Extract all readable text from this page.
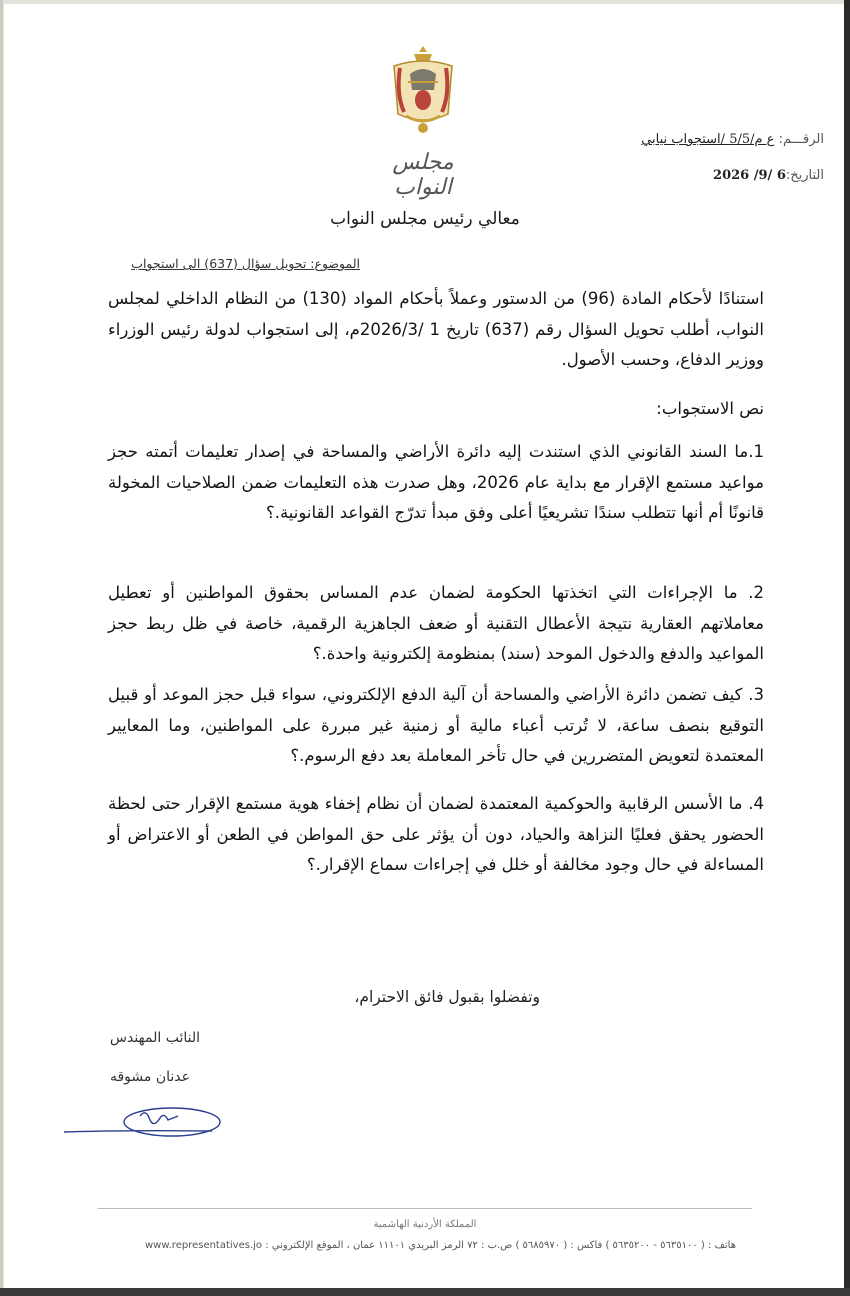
مجلس النواب
الرقـــم: ع م/5/5 /استجواب نيابي
التاريخ:6 /9/ 2026
معالي رئيس مجلس النواب
الموضوع: تحويل سؤال (637) الى استجواب
استنادًا لأحكام المادة (96) من الدستور وعملاً بأحكام المواد (130) من النظام الداخلي لمجلس النواب، أطلب تحويل السؤال رقم (637) تاريخ 1 /2026/3م، إلى استجواب لدولة رئيس الوزراء ووزير الدفاع، وحسب الأصول.
نص الاستجواب:
1.ما السند القانوني الذي استندت إليه دائرة الأراضي والمساحة في إصدار تعليمات أتمته حجز مواعيد مستمع الإقرار مع بداية عام 2026، وهل صدرت هذه التعليمات ضمن الصلاحيات المخولة قانونًا أم أنها تتطلب سندًا تشريعيًا أعلى وفق مبدأ تدرّج القواعد القانونية.؟
2. ما الإجراءات التي اتخذتها الحكومة لضمان عدم المساس بحقوق المواطنين أو تعطيل معاملاتهم العقارية نتيجة الأعطال التقنية أو ضعف الجاهزية الرقمية، خاصة في ظل ربط حجز المواعيد والدفع والدخول الموحد (سند) بمنظومة إلكترونية واحدة.؟
3. كيف تضمن دائرة الأراضي والمساحة أن آلية الدفع الإلكتروني، سواء قبل حجز الموعد أو قبيل التوقيع بنصف ساعة، لا تُرتب أعباء مالية أو زمنية غير مبررة على المواطنين، وما المعايير المعتمدة لتعويض المتضررين في حال تأخر المعاملة بعد دفع الرسوم.؟
4. ما الأسس الرقابية والحوكمية المعتمدة لضمان أن نظام إخفاء هوية مستمع الإقرار حتى لحظة الحضور يحقق فعليًا النزاهة والحياد، دون أن يؤثر على حق المواطن في الطعن أو الاعتراض أو المساءلة في حال وجود مخالفة أو خلل في إجراءات سماع الإقرار.؟
وتفضلوا بقبول فائق الاحترام،
النائب المهندس
عدنان مشوقه
المملكة الأردنية الهاشمية
هاتف : ( ٥٦٣٥١٠٠ - ٥٦٣٥٢٠٠ ) فاكس : ( ٥٦٨٥٩٧٠ ) ص.ب : ٧٢ الرمز البريدي ١١١٠١ عمان ، الموقع الإلكتروني : www.representatives.jo
